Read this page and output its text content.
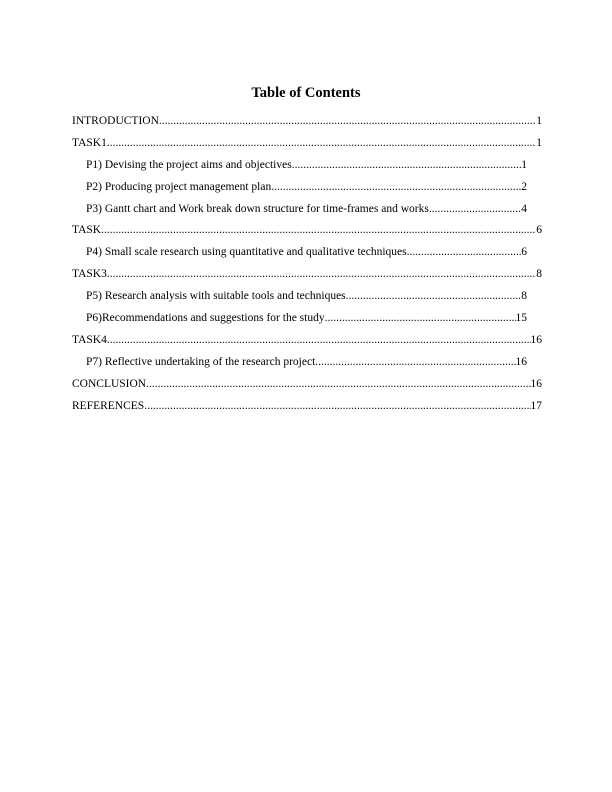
Table of Contents
INTRODUCTION .....	1
TASK1 .....	1
P1) Devising the project aims and objectives .....	1
P2) Producing project management plan .....	2
P3) Gantt chart and Work break down structure for time-frames and works .....	4
TASK .....	6
P4) Small scale research using quantitative and qualitative techniques .....	6
TASK3 .....	8
P5) Research analysis with suitable tools and techniques .....	8
P6)Recommendations and suggestions for the study .....	15
TASK4 .....	16
P7) Reflective undertaking of the research project .....	16
CONCLUSION .....	16
REFERENCES .....	17
